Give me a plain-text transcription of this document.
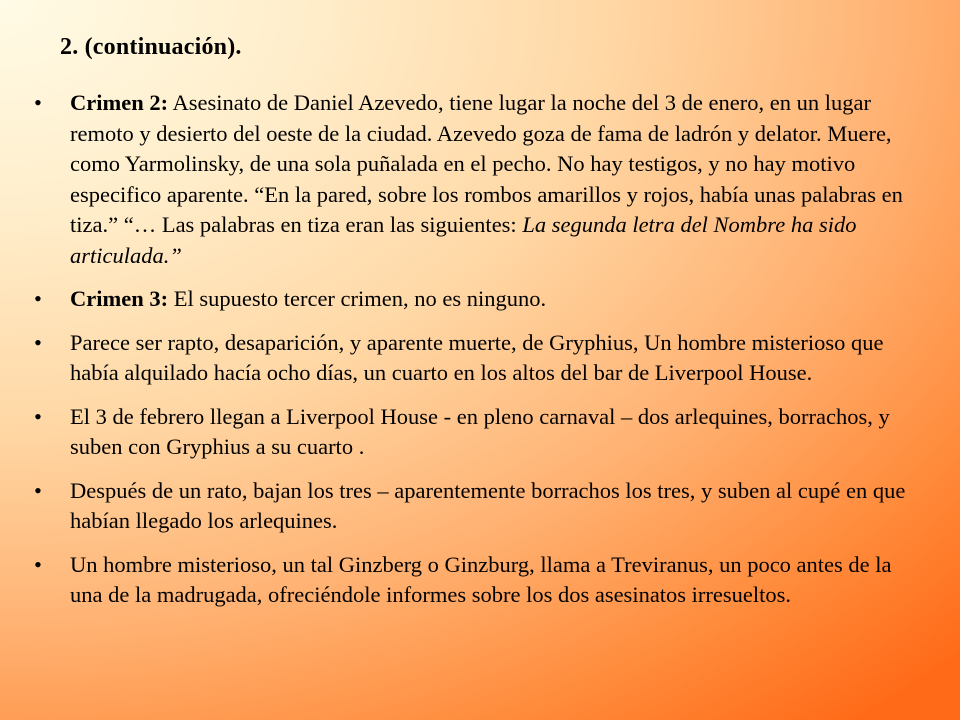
2. (continuación).
• Crimen 2: Asesinato de Daniel Azevedo, tiene lugar la noche del 3 de enero, en un lugar remoto y desierto del oeste de la ciudad. Azevedo goza de fama de ladrón y delator. Muere, como Yarmolinsky, de una sola puñalada en el pecho. No hay testigos, y no hay motivo especifico aparente. “En la pared, sobre los rombos amarillos y rojos, había unas palabras en tiza.” “… Las palabras en tiza eran las siguientes: La segunda letra del Nombre ha sido articulada.”
• Crimen 3: El supuesto tercer crimen, no es ninguno.
• Parece ser rapto, desaparición, y aparente muerte, de Gryphius, Un hombre misterioso que había alquilado hacía ocho días, un cuarto en los altos del bar de Liverpool House.
• El 3 de febrero llegan a Liverpool House - en pleno carnaval – dos arlequines, borrachos, y suben con Gryphius a su cuarto .
• Después de un rato, bajan los tres – aparentemente borrachos los tres, y suben al cupé en que habían llegado los arlequines.
• Un hombre misterioso, un tal Ginzberg o Ginzburg, llama a Treviranus, un poco antes de la una de la madrugada, ofreciéndole informes sobre los dos asesinatos irresueltos.
